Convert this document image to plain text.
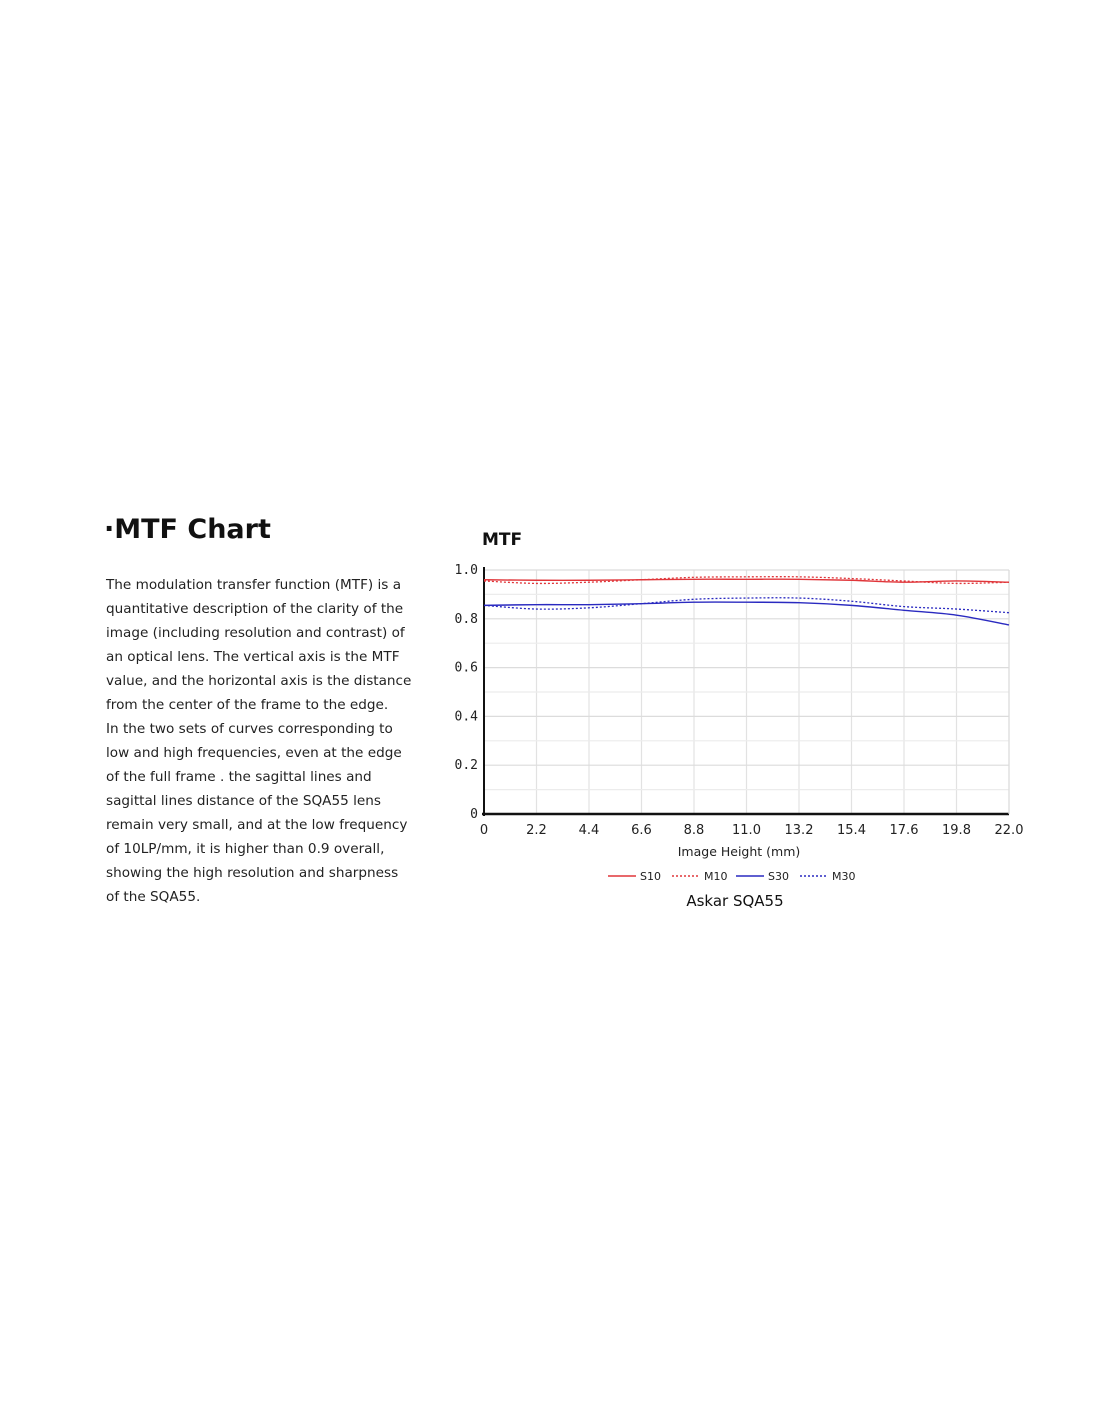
·MTF Chart
The modulation transfer function (MTF) is a
quantitative description of the clarity of the
image (including resolution and contrast) of
an optical lens. The vertical axis is the MTF
value, and the horizontal axis is the distance
from the center of the frame to the edge.
In the two sets of curves corresponding to
low and high frequencies, even at the edge
of the full frame . the sagittal lines and
sagittal lines distance of the SQA55 lens
remain very small, and at the low frequency
of 10LP/mm, it is higher than 0.9 overall,
showing the high resolution and sharpness
of the SQA55.
0	2.2 4.4 6.6 8.8 11.0 13.2 15.4 17.6 19.8 22.0
0
0.2
0.4
0.6
0.8
1.0
MTF
Image Height (mm)
S10	M10	S30	M30
Askar SQA55
